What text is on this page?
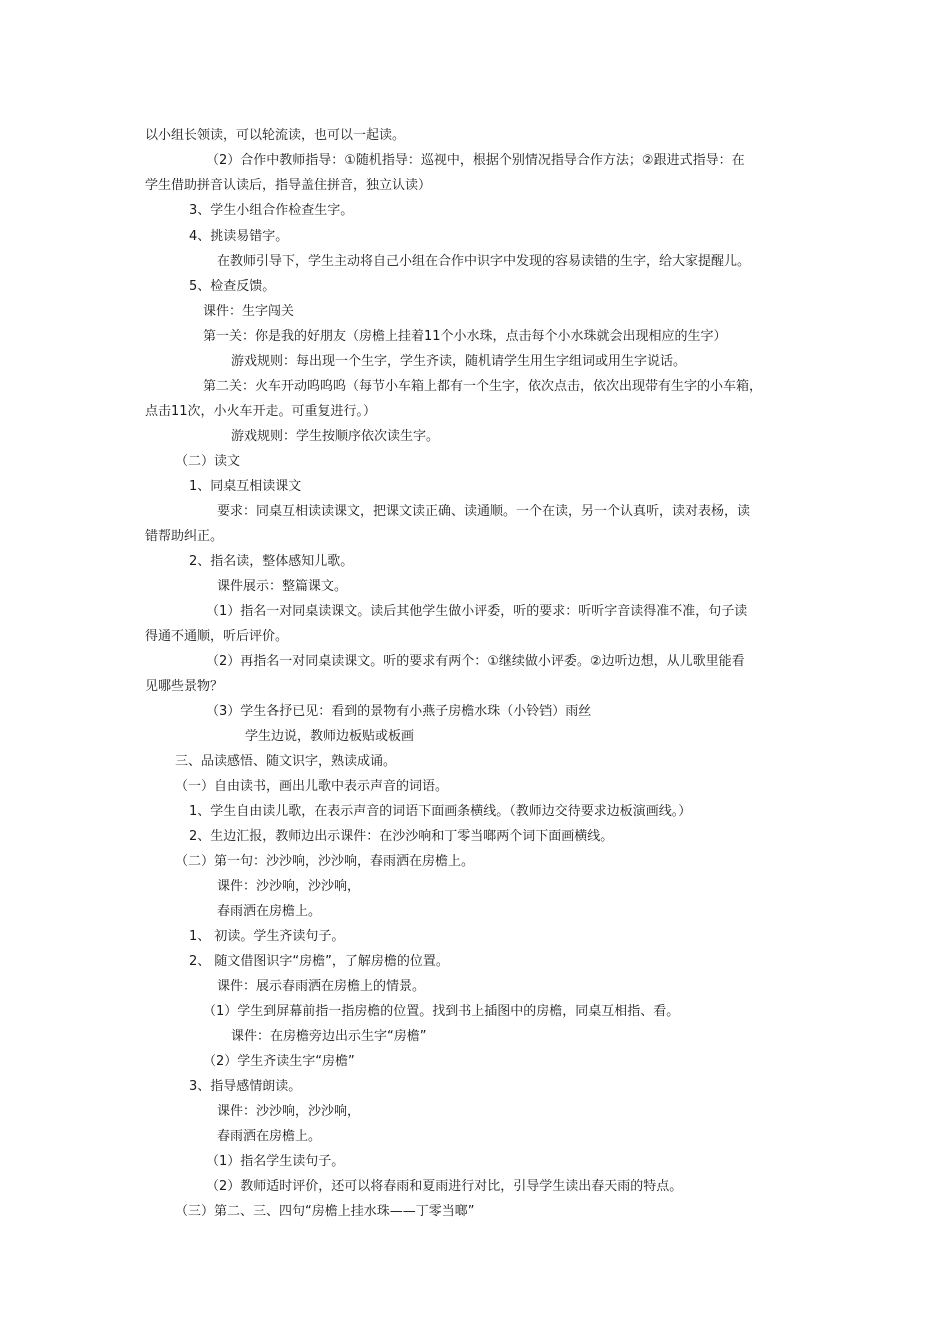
以小组长领读，可以轮流读，也可以一起读。
（2）合作中教师指导：①随机指导：巡视中，根据个别情况指导合作方法；②跟进式指导：在
学生借助拼音认读后，指导盖住拼音，独立认读）
3、学生小组合作检查生字。
4、挑读易错字。
在教师引导下，学生主动将自己小组在合作中识字中发现的容易读错的生字，给大家提醒儿。
5、检查反馈。
课件：生字闯关
第一关：你是我的好朋友（房檐上挂着11个小水珠，点击每个小水珠就会出现相应的生字）
游戏规则：每出现一个生字，学生齐读，随机请学生用生字组词或用生字说话。
第二关：火车开动呜呜呜（每节小车箱上都有一个生字，依次点击，依次出现带有生字的小车箱，
点击11次，小火车开走。可重复进行。）
游戏规则：学生按顺序依次读生字。
（二）读文
1、同桌互相读课文
要求：同桌互相读读课文，把课文读正确、读通顺。一个在读，另一个认真听，读对表杨，读
错帮助纠正。
2、指名读，整体感知儿歌。
课件展示：整篇课文。
（1）指名一对同桌读课文。读后其他学生做小评委，听的要求：听听字音读得准不准，句子读
得通不通顺，听后评价。
（2）再指名一对同桌读课文。听的要求有两个：①继续做小评委。②边听边想，从儿歌里能看
见哪些景物？
（3）学生各抒已见：看到的景物有小燕子房檐水珠（小铃铛）雨丝
学生边说，教师边板贴或板画
三、品读感悟、随文识字，熟读成诵。
（一）自由读书，画出儿歌中表示声音的词语。
1、学生自由读儿歌，在表示声音的词语下面画条横线。（教师边交待要求边板演画线。）
2、生边汇报，教师边出示课件：在沙沙响和丁零当啷两个词下面画横线。
（二）第一句：沙沙响，沙沙响，春雨洒在房檐上。
课件：沙沙响，沙沙响，
春雨洒在房檐上。
1、 初读。学生齐读句子。
2、 随文借图识字“房檐”，了解房檐的位置。
课件：展示春雨洒在房檐上的情景。
（1）学生到屏幕前指一指房檐的位置。找到书上插图中的房檐，同桌互相指、看。
课件：在房檐旁边出示生字“房檐”
（2）学生齐读生字“房檐”
3、指导感情朗读。
课件：沙沙响，沙沙响，
春雨洒在房檐上。
（1）指名学生读句子。
（2）教师适时评价，还可以将春雨和夏雨进行对比，引导学生读出春天雨的特点。
（三）第二、三、四句“房檐上挂水珠——丁零当啷”
